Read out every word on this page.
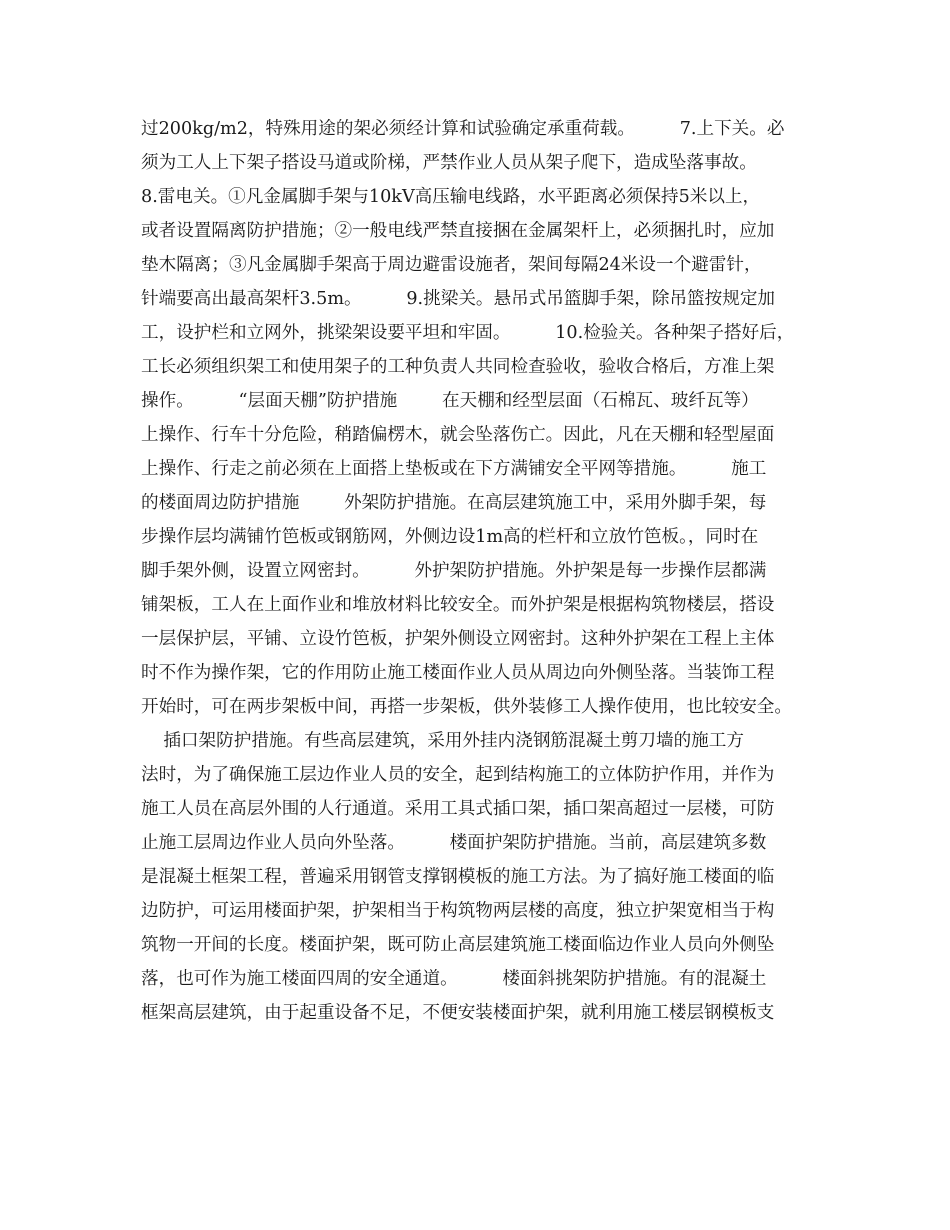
过200kg/m2，特殊用途的架必须经计算和试验确定承重荷载。        7.上下关。必
须为工人上下架子搭设马道或阶梯，严禁作业人员从架子爬下，造成坠落事故。
8.雷电关。①凡金属脚手架与10kV高压输电线路，水平距离必须保持5米以上，
或者设置隔离防护措施；②一般电线严禁直接捆在金属架杆上，必须捆扎时，应加
垫木隔离；③凡金属脚手架高于周边避雷设施者，架间每隔24米设一个避雷针，
针端要高出最高架杆3.5m。        9.挑梁关。悬吊式吊篮脚手架，除吊篮按规定加
工，设护栏和立网外，挑梁架设要平坦和牢固。        10.检验关。各种架子搭好后，
工长必须组织架工和使用架子的工种负责人共同检查验收，验收合格后，方准上架
操作。        “层面天棚”防护措施        在天棚和经型层面（石棉瓦、玻纤瓦等）
上操作、行车十分危险，稍踏偏楞木，就会坠落伤亡。因此，凡在天棚和轻型屋面
上操作、行走之前必须在上面搭上垫板或在下方满铺安全平网等措施。        施工
的楼面周边防护措施        外架防护措施。在高层建筑施工中，采用外脚手架，每
步操作层均满铺竹笆板或钢筋网，外侧边设1m高的栏杆和立放竹笆板。，同时在
脚手架外侧，设置立网密封。        外护架防护措施。外护架是每一步操作层都满
铺架板，工人在上面作业和堆放材料比较安全。而外护架是根据构筑物楼层，搭设
一层保护层，平铺、立设竹笆板，护架外侧设立网密封。这种外护架在工程上主体
时不作为操作架，它的作用防止施工楼面作业人员从周边向外侧坠落。当装饰工程
开始时，可在两步架板中间，再搭一步架板，供外装修工人操作使用，也比较安全。
插口架防护措施。有些高层建筑，采用外挂内浇钢筋混凝土剪刀墙的施工方
法时，为了确保施工层边作业人员的安全，起到结构施工的立体防护作用，并作为
施工人员在高层外围的人行通道。采用工具式插口架，插口架高超过一层楼，可防
止施工层周边作业人员向外坠落。        楼面护架防护措施。当前，高层建筑多数
是混凝土框架工程，普遍采用钢管支撑钢模板的施工方法。为了搞好施工楼面的临
边防护，可运用楼面护架，护架相当于构筑物两层楼的高度，独立护架宽相当于构
筑物一开间的长度。楼面护架，既可防止高层建筑施工楼面临边作业人员向外侧坠
落，也可作为施工楼面四周的安全通道。        楼面斜挑架防护措施。有的混凝土
框架高层建筑，由于起重设备不足，不便安装楼面护架，就利用施工楼层钢模板支
